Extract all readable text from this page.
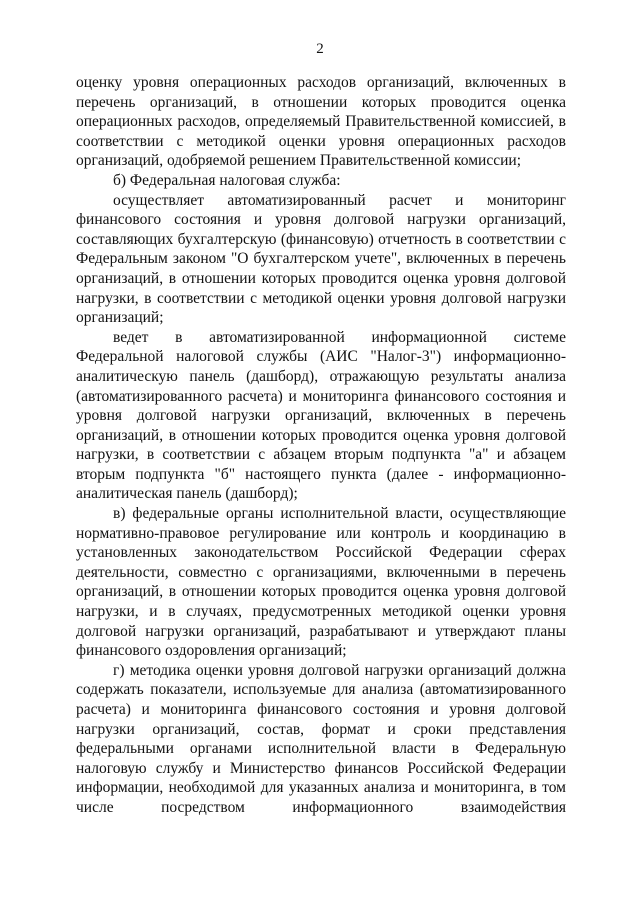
2

оценку уровня операционных расходов организаций, включенных в перечень организаций, в отношении которых проводится оценка операционных расходов, определяемый Правительственной комиссией, в соответствии с методикой оценки уровня операционных расходов организаций, одобряемой решением Правительственной комиссии;

б) Федеральная налоговая служба:

осуществляет автоматизированный расчет и мониторинг финансового состояния и уровня долговой нагрузки организаций, составляющих бухгалтерскую (финансовую) отчетность в соответствии с Федеральным законом "О бухгалтерском учете", включенных в перечень организаций, в отношении которых проводится оценка уровня долговой нагрузки, в соответствии с методикой оценки уровня долговой нагрузки организаций;

ведет в автоматизированной информационной системе Федеральной налоговой службы (АИС "Налог-3") информационно-аналитическую панель (дашборд), отражающую результаты анализа (автоматизированного расчета) и мониторинга финансового состояния и уровня долговой нагрузки организаций, включенных в перечень организаций, в отношении которых проводится оценка уровня долговой нагрузки, в соответствии с абзацем вторым подпункта "а" и абзацем вторым подпункта "б" настоящего пункта (далее - информационно-аналитическая панель (дашборд);

в) федеральные органы исполнительной власти, осуществляющие нормативно-правовое регулирование или контроль и координацию в установленных законодательством Российской Федерации сферах деятельности, совместно с организациями, включенными в перечень организаций, в отношении которых проводится оценка уровня долговой нагрузки, и в случаях, предусмотренных методикой оценки уровня долговой нагрузки организаций, разрабатывают и утверждают планы финансового оздоровления организаций;

г) методика оценки уровня долговой нагрузки организаций должна содержать показатели, используемые для анализа (автоматизированного расчета) и мониторинга финансового состояния и уровня долговой нагрузки организаций, состав, формат и сроки представления федеральными органами исполнительной власти в Федеральную налоговую службу и Министерство финансов Российской Федерации информации, необходимой для указанных анализа и мониторинга, в том числе посредством информационного взаимодействия
